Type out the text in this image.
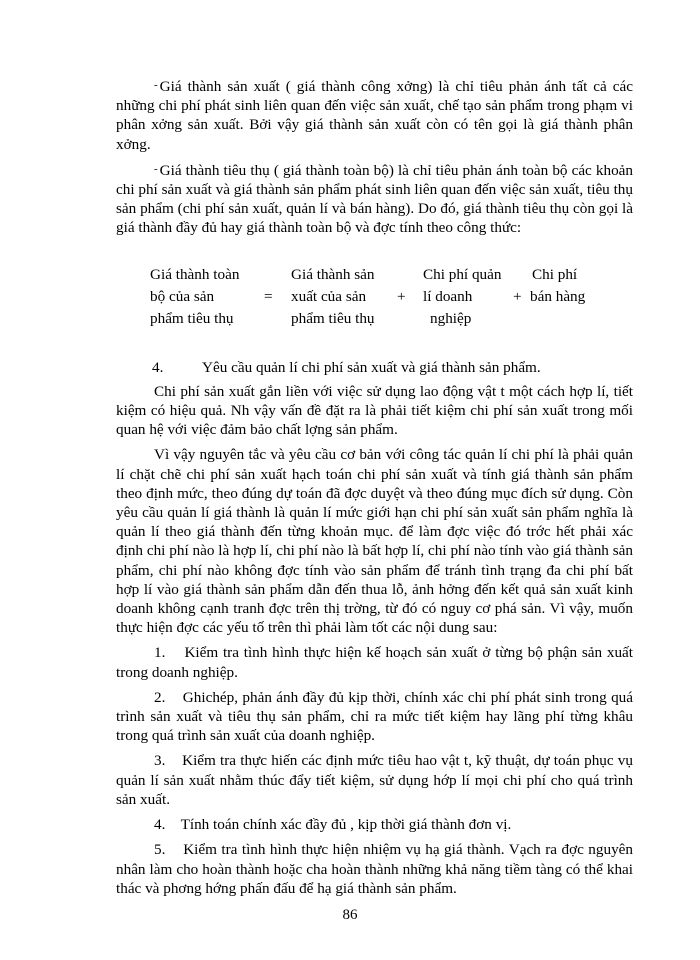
- Giá thành sản xuất ( giá thành công xởng) là chỉ tiêu phản ánh tất cả các những chi phí phát sinh liên quan đến việc sản xuất, chế tạo sản phẩm trong phạm vi phân xởng sản xuất. Bởi vậy giá thành sản xuất còn có tên gọi là giá thành phân xởng.

- Giá thành tiêu thụ ( giá thành toàn bộ) là chỉ tiêu phản ánh toàn bộ các khoản chi phí sản xuất và giá thành sản phẩm phát sinh liên quan đến việc sản xuất, tiêu thụ sản phẩm (chi phí sản xuất, quản lí và bán hàng). Do đó, giá thành tiêu thụ còn gọi là giá thành đầy đủ hay giá thành toàn bộ và đợc tính theo công thức:

Giá thành toàn
bộ của sản
phẩm tiêu thụ
=
Giá thành sản
xuất của sản
phẩm tiêu thụ
+
Chi phí quản
lí doanh
nghiệp
+
Chi phí
bán hàng
4.	Yêu cầu quản lí chi phí sản xuất và giá thành sản phẩm.

Chi phí sản xuất gắn liền với việc sử dụng lao động vật t một cách hợp lí, tiết kiệm có hiệu quả. Nh vậy vấn đề đặt ra là phải tiết kiệm chi phí sản xuất trong mối quan hệ với việc đảm bảo chất lợng sản phẩm.

Vì vậy nguyên tắc và yêu cầu cơ bản với công tác quản lí chi phí là phải quản lí chặt chẽ chi phí sản xuất hạch toán chi phí sản xuất và tính giá thành sản phẩm theo định mức, theo đúng dự toán đã đợc duyệt và theo đúng mục đích sử dụng. Còn yêu cầu quản lí giá thành là quản lí mức giới hạn chi phí sản xuất sản phẩm nghĩa là quản lí theo giá thành đến từng khoản mục. để làm đợc việc đó trớc hết phải xác định chi phí nào là hợp lí, chi phí nào là bất hợp lí, chi phí nào tính vào giá thành sản phẩm, chi phí nào không đợc tính vào sản phẩm để tránh tình trạng đa chi phí bất hợp lí vào giá thành sản phẩm dẫn đến thua lỗ, ảnh hởng đến kết quả sản xuất kinh doanh không cạnh tranh đợc trên thị trờng, từ đó có nguy cơ phá sản. Vì vậy, muốn thực hiện đợc các yếu tố trên thì phải làm tốt các nội dung sau:

1. Kiểm tra tình hình thực hiện kế hoạch sản xuất ở từng bộ phận sản xuất trong doanh nghiệp.

2. Ghichép, phản ánh đầy đủ kịp thời, chính xác chi phí phát sinh trong quá trình sản xuất và tiêu thụ sản phẩm, chỉ ra mức tiết kiệm hay lãng phí từng khâu trong quá trình sản xuất của doanh nghiệp.

3. Kiểm tra thực hiến các định mức tiêu hao vật t, kỹ thuật, dự toán phục vụ quản lí sản xuất nhằm thúc đẩy tiết kiệm, sử dụng hớp lí mọi chi phí cho quá trình sản xuất.

4. Tính toán chính xác đầy đủ , kịp thời giá thành đơn vị.

5. Kiểm tra tình hình thực hiện nhiệm vụ hạ giá thành. Vạch ra đợc nguyên nhân làm cho hoàn thành hoặc cha hoàn thành những khả năng tiềm tàng có thể khai thác và phơng hớng phấn đấu để hạ giá thành sản phẩm.

86
